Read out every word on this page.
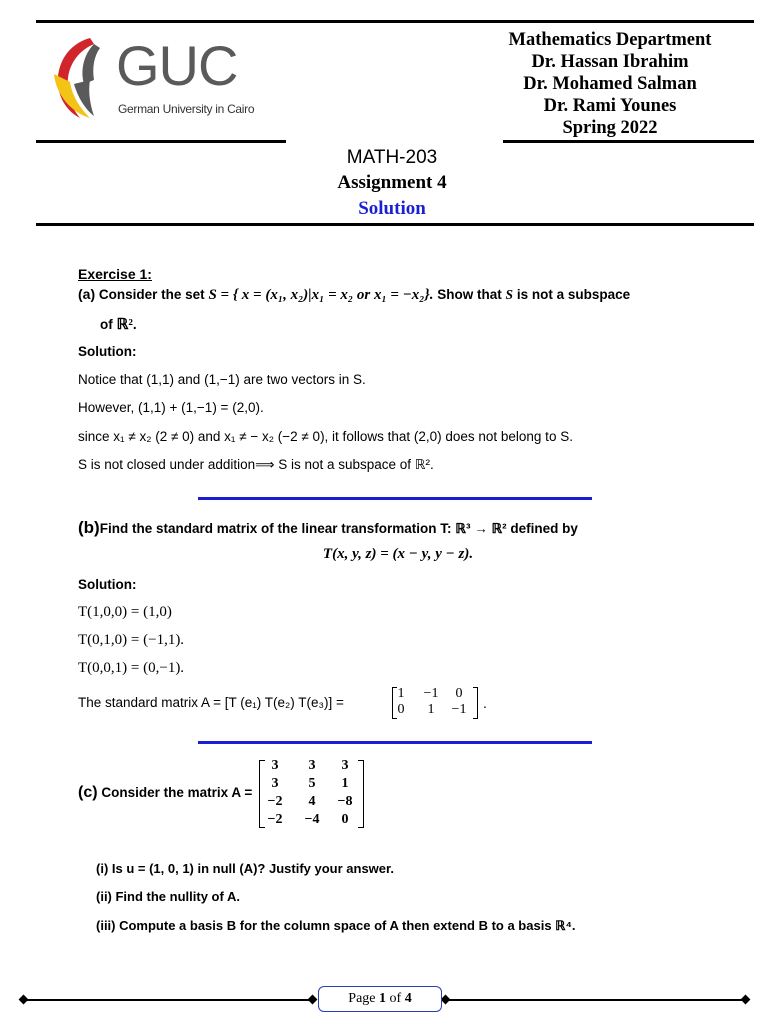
GUC
German University in Cairo
Mathematics Department
Dr. Hassan Ibrahim
Dr. Mohamed Salman
Dr. Rami Younes
Spring 2022
MATH-203
Assignment 4
Solution
Exercise 1:
(a) Consider the set S = { x = (x₁, x₂)|x₁ = x₂ or x₁ = −x₂}. Show that S is not a subspace
of ℝ².
Solution:
Notice that (1,1) and (1,−1) are two vectors in S.
However, (1,1) + (1,−1) = (2,0).
since x₁ ≠ x₂ (2 ≠ 0) and x₁ ≠ − x₂ (−2 ≠ 0), it follows that (2,0) does not belong to S.
S is not closed under addition⟹ S is not a subspace of ℝ².
(b)Find the standard matrix of the linear transformation T: ℝ³ → ℝ² defined by
T(x, y, z) = (x − y, y − z).
Solution:
T(1,0,0) = (1,0)
T(0,1,0) = (−1,1).
T(0,0,1) = (0,−1).
The standard matrix A = [T (e₁) T(e₂) T(e₃)] =
1	−1	0
0	1	−1	.
(c) Consider the matrix A =
3	3	3
3	5	1
−2	4	−8
−2	−4	0
(i) Is u = (1, 0, 1) in null (A)? Justify your answer.
(ii) Find the nullity of A.
(iii) Compute a basis B for the column space of A then extend B to a basis ℝ⁴.
Page 1 of 4
